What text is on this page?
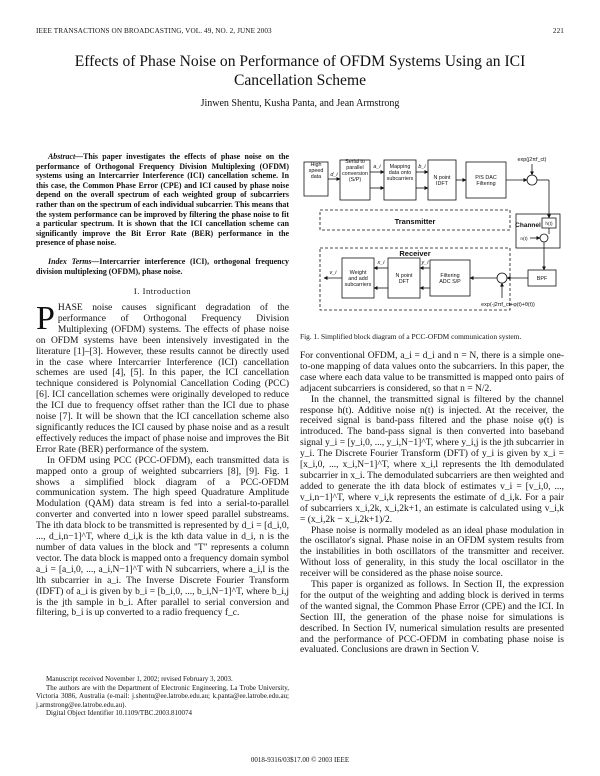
IEEE TRANSACTIONS ON BROADCASTING, VOL. 49, NO. 2, JUNE 2003	221
Effects of Phase Noise on Performance of OFDM Systems Using an ICI Cancellation Scheme
Jinwen Shentu, Kusha Panta, and Jean Armstrong

Abstract—This paper investigates the effects of phase noise on the performance of Orthogonal Frequency Division Multiplexing (OFDM) systems using an Intercarrier Interference (ICI) cancellation scheme. In this case, the Common Phase Error (CPE) and ICI caused by phase noise depend on the overall spectrum of each weighted group of subcarriers rather than on the spectrum of each individual subcarrier. This means that the system performance can be improved by filtering the phase noise to fit a particular spectrum. It is shown that the ICI cancellation scheme can significantly improve the Bit Error Rate (BER) performance in the presence of phase noise.

Index Terms—Intercarrier interference (ICI), orthogonal frequency division multiplexing (OFDM), phase noise.

I. Introduction

PHASE noise causes significant degradation of the performance of Orthogonal Frequency Division Multiplexing (OFDM) systems. The effects of phase noise on OFDM systems have been intensively investigated in the literature [1]–[3]. However, these results cannot be directly used in the case where Intercarrier Interference (ICI) cancellation schemes are used [4], [5]. In this paper, the ICI cancellation technique considered is Polynomial Cancellation Coding (PCC) [6]. ICI cancellation schemes were originally developed to reduce the ICI due to frequency offset rather than the ICI due to phase noise [7]. It will be shown that the ICI cancellation scheme also significantly reduces the ICI caused by phase noise and as a result effectively reduces the impact of phase noise and improves the Bit Error Rate (BER) performance of the system.

In OFDM using PCC (PCC-OFDM), each transmitted data is mapped onto a group of weighted subcarriers [8], [9]. Fig. 1 shows a simplified block diagram of a PCC-OFDM communication system. The high speed Quadrature Amplitude Modulation (QAM) data stream is fed into a serial-to-parallel converter and converted into n lower speed parallel substreams. The ith data block to be transmitted is represented by d_i = [d_i,0, ..., d_i,n−1]^T, where d_i,k is the kth data value in d_i, n is the number of data values in the block and "T" represents a column vector. The data block is mapped onto a frequency domain symbol a_i = [a_i,0, ..., a_i,N−1]^T with N subcarriers, where a_i,l is the lth subcarrier in a_i. The Inverse Discrete Fourier Transform (IDFT) of a_i is given by b_i = [b_i,0, ..., b_i,N−1]^T, where b_i,j is the jth sample in b_i. After parallel to serial conversion and filtering, b_i is up converted to a radio frequency f_c.

Manuscript received November 1, 2002; revised February 3, 2003.

The authors are with the Department of Electronic Engineering, La Trobe University, Victoria 3086, Australia (e-mail: j.shentu@ee.latrobe.edu.au; k.panta@ee.latrobe.edu.au; j.armstrong@ee.latrobe.edu.au).

Digital Object Identifier 10.1109/TBC.2003.810074

High speed data
Serial to parallel conversion (S/P)
Mapping data onto subcarriers	N point IDFT
P/S DAC Filtering
exp(j2πf_ct)
Transmitter	Channel h(t)
n(t)
Receiver
Weight and add subcarriers
N point DFT
Filtering ADC S/P	BPF
exp(-j2πf_ct+φ(t)+θ(t))
d_i
a_i	b_i
v_i
x_i	y_i
Fig. 1. Simplified block diagram of a PCC-OFDM communication system.

For conventional OFDM, a_i = d_i and n = N, there is a simple one-to-one mapping of data values onto the subcarriers. In this paper, the case where each data value to be transmitted is mapped onto pairs of adjacent subcarriers is considered, so that n = N/2.

In the channel, the transmitted signal is filtered by the channel response h(t). Additive noise n(t) is injected. At the receiver, the received signal is band-pass filtered and the phase noise φ(t) is introduced. The band-pass signal is then converted into baseband signal y_i = [y_i,0, ..., y_i,N−1]^T, where y_i,j is the jth subcarrier in y_i. The Discrete Fourier Transform (DFT) of y_i is given by x_i = [x_i,0, ..., x_i,N−1]^T, where x_i,l represents the lth demodulated subcarrier in x_i. The demodulated subcarriers are then weighted and added to generate the ith data block of estimates v_i = [v_i,0, ..., v_i,n−1]^T, where v_i,k represents the estimate of d_i,k. For a pair of subcarriers x_i,2k, x_i,2k+1, an estimate is calculated using v_i,k = (x_i,2k − x_i,2k+1)/2.

Phase noise is normally modeled as an ideal phase modulation in the oscillator's signal. Phase noise in an OFDM system results from the instabilities in both oscillators of the transmitter and receiver. Without loss of generality, in this study the local oscillator in the receiver will be considered as the phase noise source.

This paper is organized as follows. In Section II, the expression for the output of the weighting and adding block is derived in terms of the wanted signal, the Common Phase Error (CPE) and the ICI. In Section III, the generation of the phase noise for simulations is described. In Section IV, numerical simulation results are presented and the performance of PCC-OFDM in combating phase noise is evaluated. Conclusions are drawn in Section V.

0018-9316/03$17.00 © 2003 IEEE
